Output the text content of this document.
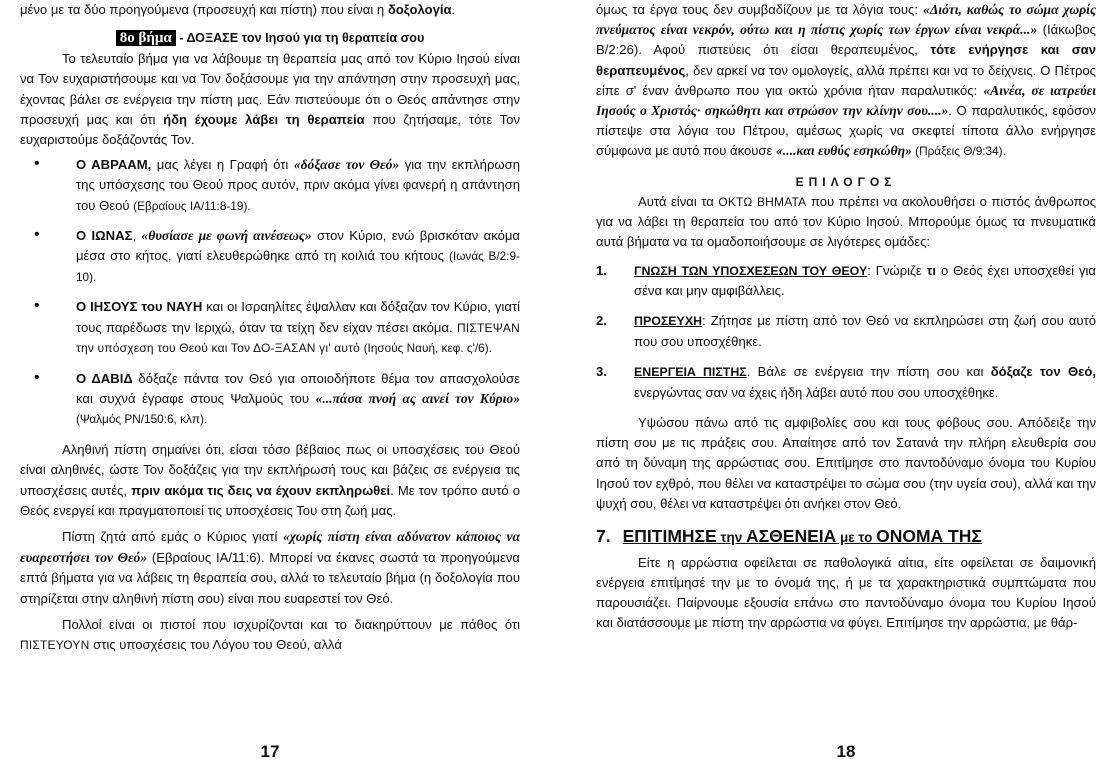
μένο με τα δύο προηγούμενα (προσευχή και πίστη) που είναι η δοξολογία.

8ο βήμα - ΔΟΞΑΣΕ τον Ιησού για τη θεραπεία σου

Το τελευταίο βήμα για να λάβουμε τη θεραπεία μας από τον Κύριο Ιησού είναι να Τον ευχαριστήσουμε και να Τον δοξάσουμε για την απάντηση στην προσευχή μας, έχοντας βάλει σε ενέργεια την πίστη μας. Εάν πιστεύουμε ότι ο Θεός απάντησε στην προσευχή μας και ότι ήδη έχουμε λάβει τη θεραπεία που ζητήσαμε, τότε Τον ευχαριστούμε δοξάζοντάς Τον.

•	Ο ΑΒΡΑΑΜ, μας λέγει η Γραφή ότι «δόξασε τον Θεό» για την εκπλήρωση της υπόσχεσης του Θεού προς αυτόν, πριν ακόμα γίνει φανερή η απάντηση του Θεού (Εβραίους ΙΑ/11:8-19).
•	Ο ΙΩΝΑΣ, «θυσίασε με φωνή αινέσεως» στον Κύριο, ενώ βρισκόταν ακόμα μέσα στο κήτος, γιατί ελευθερώθηκε από τη κοιλιά του κήτους (Ιωνάς Β/2:9-10).
•	Ο ΙΗΣΟΥΣ του ΝΑΥΗ και οι Ισραηλίτες έψαλλαν και δόξαζαν τον Κύριο, γιατί τους παρέδωσε την Ιεριχώ, όταν τα τείχη δεν είχαν πέσει ακόμα. ΠΙΣΤΕΨΑΝ την υπόσχεση του Θεού και Τον ΔΟ-ΞΑΣΑΝ γι' αυτό (Ιησούς Ναυή, κεφ. ς'/6).
•	Ο ΔΑΒΙΔ δόξαζε πάντα τον Θεό για οποιοδήποτε θέμα τον απασχολούσε και συχνά έγραφε στους Ψαλμούς του «...πάσα πνοή ας αινεί τον Κύριο» (Ψαλμός ΡΝ/150:6, κλπ).

Αληθινή πίστη σημαίνει ότι, είσαι τόσο βέβαιος πως οι υποσχέσεις του Θεού είναι αληθινές, ώστε Τον δοξάζεις για την εκπλήρωσή τους και βάζεις σε ενέργεια τις υποσχέσεις αυτές, πριν ακόμα τις δεις να έχουν εκπληρωθεί. Με τον τρόπο αυτό ο Θεός ενεργεί και πραγματοποιεί τις υποσχέσεις Του στη ζωή μας.

Πίστη ζητά από εμάς ο Κύριος γιατί «χωρίς πίστη είναι αδύνατον κάποιος να ευαρεστήσει τον Θεό» (Εβραίους ΙΑ/11:6). Μπορεί να έκανες σωστά τα προηγούμενα επτά βήματα για να λάβεις τη θεραπεία σου, αλλά το τελευταίο βήμα (η δοξολογία που στηρίζεται στην αληθινή πίστη σου) είναι που ευαρεστεί τον Θεό.

Πολλοί είναι οι πιστοί που ισχυρίζονται και το διακηρύττουν με πάθος ότι ΠΙΣΤΕΥΟΥΝ στις υποσχέσεις του Λόγου του Θεού, αλλά

17

όμως τα έργα τους δεν συμβαδίζουν με τα λόγια τους: «Διότι, καθώς το σώμα χωρίς πνεύματος είναι νεκρόν, ούτω και η πίστις χωρίς των έργων είναι νεκρά...» (Ιάκωβος Β/2:26). Αφού πιστεύεις ότι είσαι θεραπευμένος, τότε ενήργησε και σαν θεραπευμένος, δεν αρκεί να τον ομολογείς, αλλά πρέπει και να το δείχνεις. Ο Πέτρος είπε σ' έναν άνθρωπο που για οκτώ χρόνια ήταν παραλυτικός: «Αινέα, σε ιατρεύει Ιησούς ο Χριστός· σηκώθητι και στρώσον την κλίνην σου....». Ο παραλυτικός, εφόσον πίστεψε στα λόγια του Πέτρου, αμέσως χωρίς να σκεφτεί τίποτα άλλο ενήργησε σύμφωνα με αυτό που άκουσε «....και ευθύς εσηκώθη» (Πράξεις Θ/9:34).

ΕΠΙΛΟΓΟΣ

Αυτά είναι τα ΟΚΤΩ ΒΗΜΑΤΑ που πρέπει να ακολουθήσει ο πιστός άνθρωπος για να λάβει τη θεραπεία του από τον Κύριο Ιησού. Μπορούμε όμως τα πνευματικά αυτά βήματα να τα ομαδοποιήσουμε σε λιγότερες ομάδες:

1. ΓΝΩΣΗ ΤΩΝ ΥΠΟΣΧΕΣΕΩΝ ΤΟΥ ΘΕΟΥ: Γνώριζε τι ο Θεός έχει υποσχεθεί για σένα και μην αμφιβάλλεις.
2. ΠΡΟΣΕΥΧΗ: Ζήτησε με πίστη από τον Θεό να εκπληρώσει στη ζωή σου αυτό που σου υποσχέθηκε.
3. ΕΝΕΡΓΕΙΑ ΠΙΣΤΗΣ. Βάλε σε ενέργεια την πίστη σου και δόξαζε τον Θεό, ενεργώντας σαν να έχεις ήδη λάβει αυτό που σου υποσχέθηκε.

Υψώσου πάνω από τις αμφιβολίες σου και τους φόβους σου. Απόδειξε την πίστη σου με τις πράξεις σου. Απαίτησε από τον Σατανά την πλήρη ελευθερία σου από τη δύναμη της αρρώστιας σου. Επιτίμησε στο παντοδύναμο όνομα του Κυρίου Ιησού τον εχθρό, που θέλει να καταστρέψει το σώμα σου (την υγεία σου), αλλά και την ψυχή σου, θέλει να καταστρέψει ότι ανήκει στον Θεό.

7. ΕΠΙΤΙΜΗΣΕ την ΑΣΘΕΝΕΙΑ με το ΟΝΟΜΑ ΤΗΣ

Είτε η αρρώστια οφείλεται σε παθολογικά αίτια, είτε οφείλεται σε δαιμονική ενέργεια επιτίμησέ την με το όνομά της, ή με τα χαρακτηριστικά συμπτώματα που παρουσιάζει. Παίρνουμε εξουσία επάνω στο παντοδύναμο όνομα του Κυρίου Ιησού και διατάσσουμε με πίστη την αρρώστια να φύγει. Επιτίμησε την αρρώστια, με θάρ-

18
